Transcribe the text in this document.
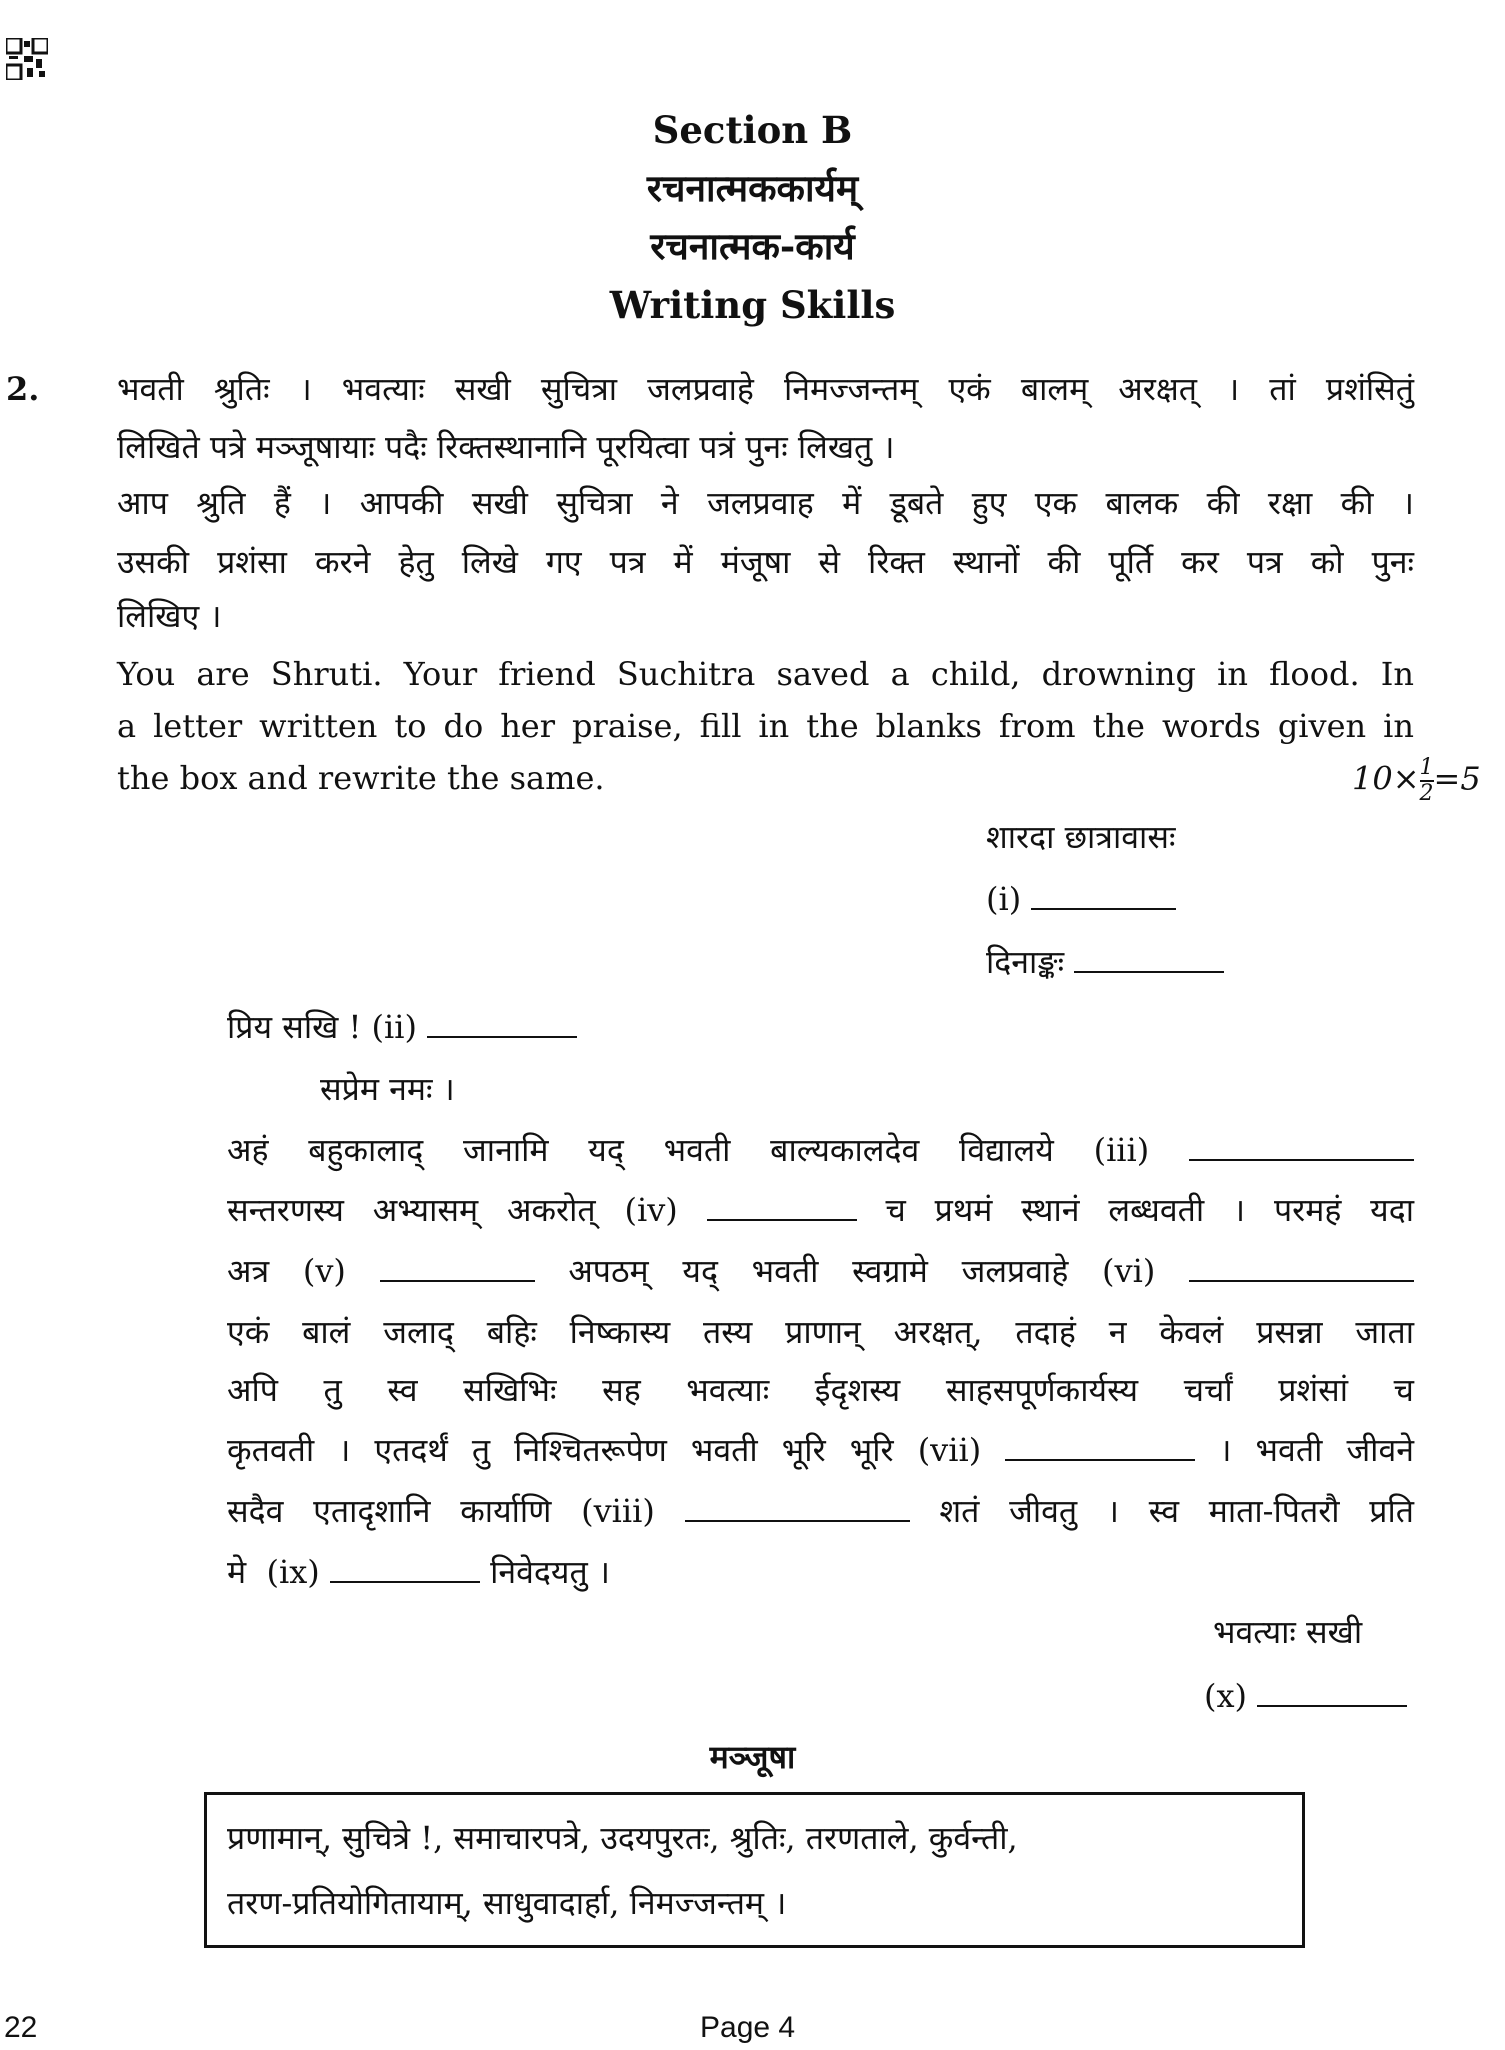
Section B
रचनात्मककार्यम्
रचनात्मक-कार्य
Writing Skills
2. भवती श्रुतिः । भवत्याः सखी सुचित्रा जलप्रवाहे निमज्जन्तम् एकं बालम् अरक्षत् । तां प्रशंसितुं
लिखिते पत्रे मञ्जूषायाः पदैः रिक्तस्थानानि पूरयित्वा पत्रं पुनः लिखतु ।
आप श्रुति हैं । आपकी सखी सुचित्रा ने जलप्रवाह में डूबते हुए एक बालक की रक्षा की ।
उसकी प्रशंसा करने हेतु लिखे गए पत्र में मंजूषा से रिक्त स्थानों की पूर्ति कर पत्र को पुनः
लिखिए ।
You are Shruti. Your friend Suchitra saved a child, drowning in flood. In
a letter written to do her praise, fill in the blanks from the words given in
the box and rewrite the same.	$10\times \frac{1}{2} =5$
शारदा छात्रावासः
(i)
दिनाङ्कः
प्रिय सखि ! (ii)
सप्रेम नमः ।
अहं बहुकालाद् जानामि यद् भवती बाल्यकालदेव विद्यालये (iii)
सन्तरणस्य अभ्यासम् अकरोत् (iv)	च प्रथमं स्थानं लब्धवती । परमहं यदा
अत्र (v)	अपठम् यद् भवती स्वग्रामे जलप्रवाहे (vi)
एकं बालं जलाद् बहिः निष्कास्य तस्य प्राणान् अरक्षत्, तदाहं न केवलं प्रसन्ना जाता
अपि तु स्व सखिभिः सह भवत्याः ईदृशस्य साहसपूर्णकार्यस्य चर्चां प्रशंसां च
कृतवती । एतदर्थं तु निश्चितरूपेण भवती भूरि भूरि (vii)	। भवती जीवने
सदैव एतादृशानि कार्याणि (viii)	शतं जीवतु । स्व माता-पितरौ प्रति
मे (ix)	निवेदयतु ।
भवत्याः सखी
(x)
मञ्जूषा
प्रणामान्, सुचित्रे !, समाचारपत्रे, उदयपुरतः, श्रुतिः, तरणताले, कुर्वन्ती,
तरण-प्रतियोगितायाम्, साधुवादार्हा, निमज्जन्तम् ।
22	Page 4
